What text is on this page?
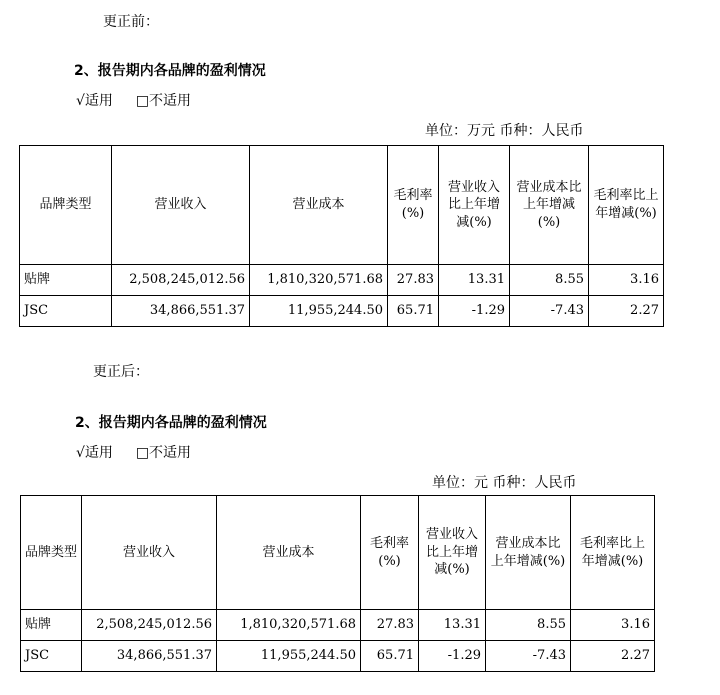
更正前：
2、报告期内各品牌的盈利情况
√适用 □不适用
单位：万元 币种：人民币
品牌类型	营业收入	营业成本	毛利率(%)	营业收入比上年增减(%)	营业成本比上年增减(%)	毛利率比上年增减(%)
贴牌	2,508,245,012.56	1,810,320,571.68	27.83	13.31	8.55	3.16
JSC	34,866,551.37	11,955,244.50	65.71	-1.29	-7.43	2.27
更正后：
2、报告期内各品牌的盈利情况
√适用 □不适用
单位：元 币种：人民币
品牌类型	营业收入	营业成本	毛利率(%)	营业收入比上年增减(%)	营业成本比上年增减(%)	毛利率比上年增减(%)
贴牌	2,508,245,012.56	1,810,320,571.68	27.83	13.31	8.55	3.16
JSC	34,866,551.37	11,955,244.50	65.71	-1.29	-7.43	2.27
